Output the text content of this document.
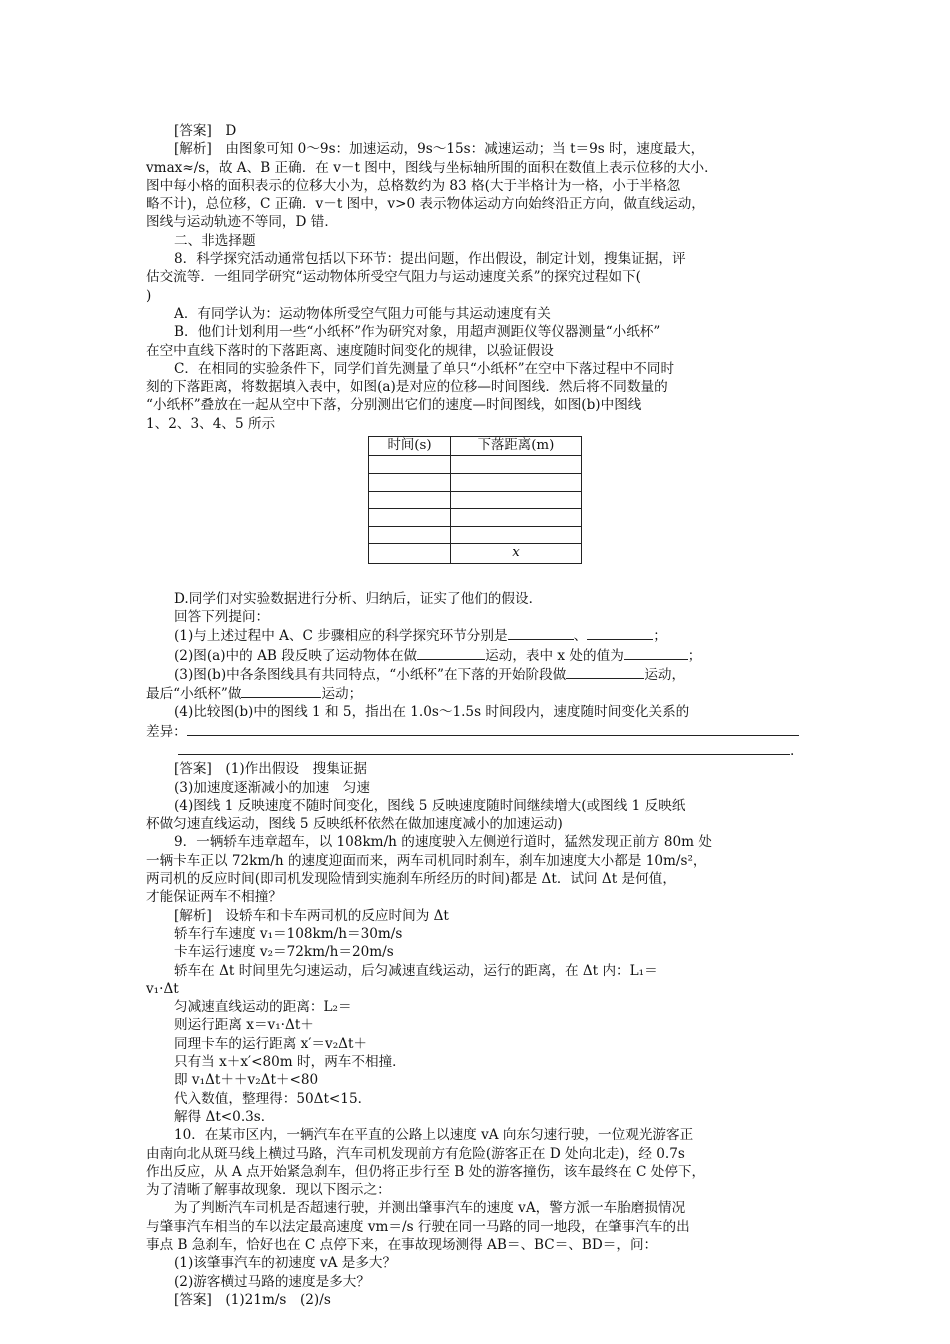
[答案]　D

[解析]　由图象可知 0～9s：加速运动，9s～15s：减速运动；当 t＝9s 时，速度最大，

vmax≈/s，故 A、B 正确．在 v－t 图中，图线与坐标轴所围的面积在数值上表示位移的大小．

图中每小格的面积表示的位移大小为，总格数约为 83 格(大于半格计为一格，小于半格忽

略不计)，总位移，C 正确．v－t 图中，v>0 表示物体运动方向始终沿正方向，做直线运动，

图线与运动轨迹不等同，D 错．

二、非选择题

8．科学探究活动通常包括以下环节：提出问题，作出假设，制定计划，搜集证据，评

估交流等．一组同学研究“运动物体所受空气阻力与运动速度关系”的探究过程如下(

)

A．有同学认为：运动物体所受空气阻力可能与其运动速度有关

B．他们计划利用一些“小纸杯”作为研究对象，用超声测距仪等仪器测量“小纸杯”

在空中直线下落时的下落距离、速度随时间变化的规律，以验证假设

C．在相同的实验条件下，同学们首先测量了单只“小纸杯”在空中下落过程中不同时

刻的下落距离，将数据填入表中，如图(a)是对应的位移—时间图线．然后将不同数量的

“小纸杯”叠放在一起从空中下落，分别测出它们的速度—时间图线，如图(b)中图线

1、2、3、4、5 所示

时间(s)	下落距离(m)

	x

D.同学们对实验数据进行分析、归纳后，证实了他们的假设．

回答下列提问：

(1)与上述过程中 A、C 步骤相应的科学探究环节分别是	、	；

(2)图(a)中的 AB 段反映了运动物体在做	运动，表中 x 处的值为	；

(3)图(b)中各条图线具有共同特点，“小纸杯”在下落的开始阶段做	运动，

最后“小纸杯”做	运动；

(4)比较图(b)中的图线 1 和 5，指出在 1.0s～1.5s 时间段内，速度随时间变化关系的

差异：

.

[答案]　(1)作出假设　搜集证据

(3)加速度逐渐减小的加速　匀速

(4)图线 1 反映速度不随时间变化，图线 5 反映速度随时间继续增大(或图线 1 反映纸

杯做匀速直线运动，图线 5 反映纸杯依然在做加速度减小的加速运动)

9．一辆轿车违章超车，以 108km/h 的速度驶入左侧逆行道时，猛然发现正前方 80m 处

一辆卡车正以 72km/h 的速度迎面而来，两车司机同时刹车，刹车加速度大小都是 10m/s²，

两司机的反应时间(即司机发现险情到实施刹车所经历的时间)都是 Δt．试问 Δt 是何值，

才能保证两车不相撞？

[解析]　设轿车和卡车两司机的反应时间为 Δt

轿车行车速度 v₁＝108km/h＝30m/s

卡车运行速度 v₂＝72km/h＝20m/s

轿车在 Δt 时间里先匀速运动，后匀减速直线运动，运行的距离，在 Δt 内：L₁＝

v₁·Δt

匀减速直线运动的距离：L₂＝

则运行距离 x＝v₁·Δt＋

同理卡车的运行距离 x′＝v₂Δt＋

只有当 x＋x′<80m 时，两车不相撞．

即 v₁Δt＋＋v₂Δt＋<80

代入数值，整理得：50Δt<15．

解得 Δt<0.3s．

10．在某市区内，一辆汽车在平直的公路上以速度 vA 向东匀速行驶，一位观光游客正

由南向北从斑马线上横过马路，汽车司机发现前方有危险(游客正在 D 处向北走)，经 0.7s

作出反应，从 A 点开始紧急刹车，但仍将正步行至 B 处的游客撞伤，该车最终在 C 处停下，

为了清晰了解事故现象．现以下图示之：

为了判断汽车司机是否超速行驶，并测出肇事汽车的速度 vA，警方派一车胎磨损情况

与肇事汽车相当的车以法定最高速度 vm＝/s 行驶在同一马路的同一地段，在肇事汽车的出

事点 B 急刹车，恰好也在 C 点停下来，在事故现场测得 AB＝、BC＝、BD＝，问：

(1)该肇事汽车的初速度 vA 是多大？

(2)游客横过马路的速度是多大？

[答案]　(1)21m/s　(2)/s
